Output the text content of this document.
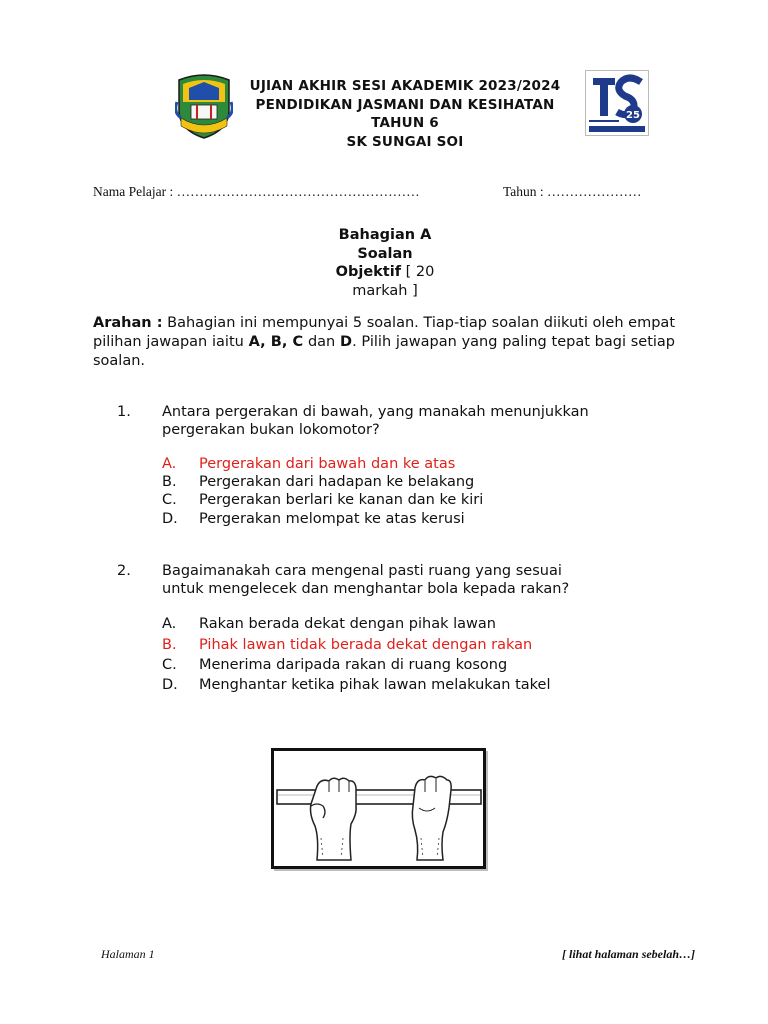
UJIAN AKHIR SESI AKADEMIK 2023/2024
PENDIDIKAN JASMANI DAN KESIHATAN
TAHUN 6
SK SUNGAI SOI
25
Nama Pelajar : ………………………………………………	Tahun : …………………
Bahagian A
Soalan
Objektif [ 20
markah ]
Arahan : Bahagian ini mempunyai 5 soalan. Tiap-tiap soalan diikuti oleh empat pilihan jawapan iaitu A, B, C dan D. Pilih jawapan yang paling tepat bagi setiap soalan.
1. Antara pergerakan di bawah, yang manakah menunjukkan
pergerakan bukan lokomotor?
A. Pergerakan dari bawah dan ke atas
B. Pergerakan dari hadapan ke belakang
C. Pergerakan berlari ke kanan dan ke kiri
D. Pergerakan melompat ke atas kerusi
2. Bagaimanakah cara mengenal pasti ruang yang sesuai
untuk mengelecek dan menghantar bola kepada rakan?
A. Rakan berada dekat dengan pihak lawan
B. Pihak lawan tidak berada dekat dengan rakan
C. Menerima daripada rakan di ruang kosong
D. Menghantar ketika pihak lawan melakukan takel
Halaman 1	[ lihat halaman sebelah…]
